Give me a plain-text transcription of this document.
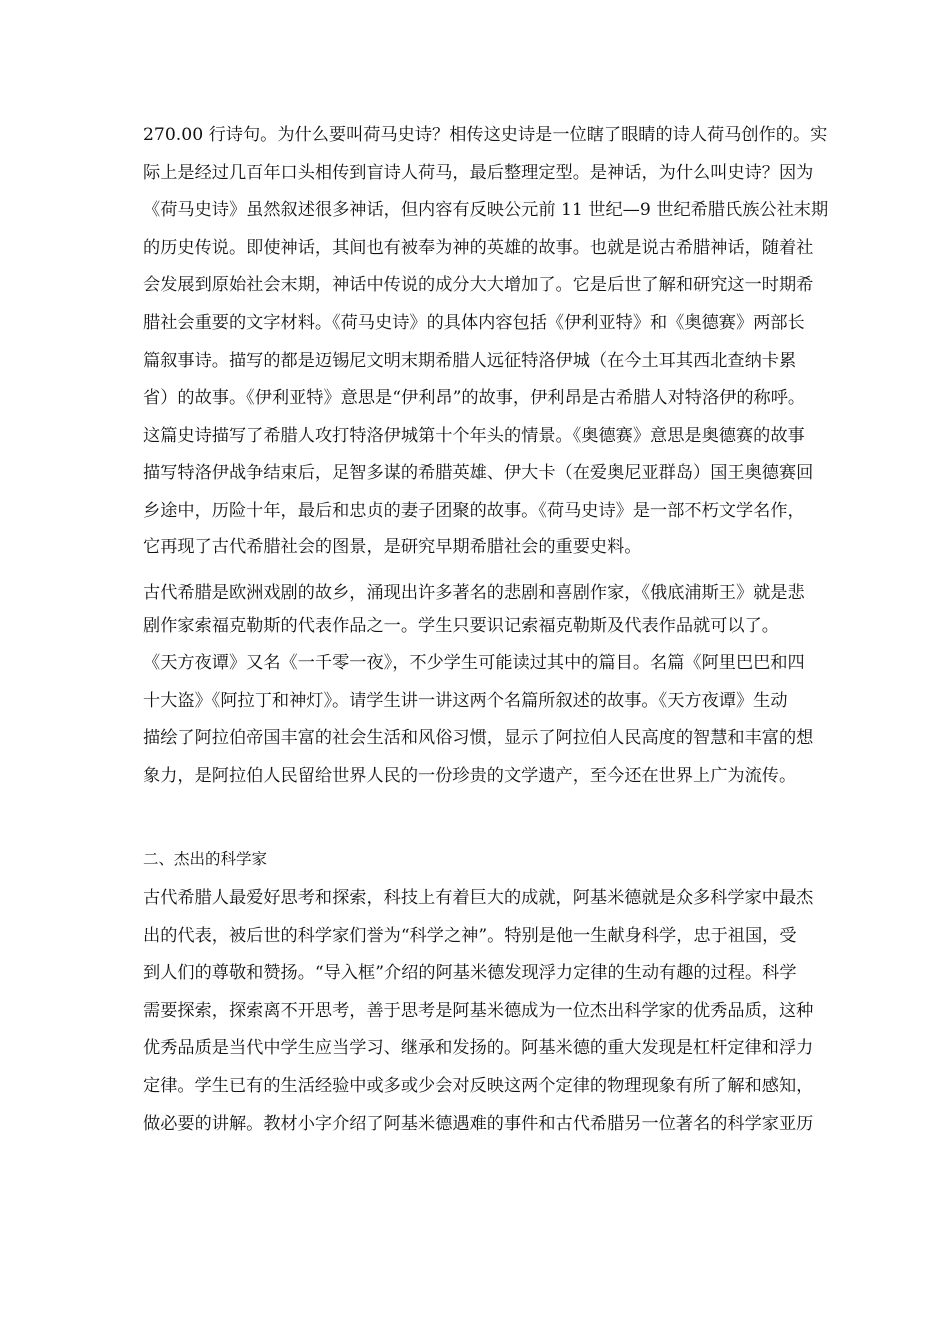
270.00 行诗句。为什么要叫荷马史诗？相传这史诗是一位瞎了眼睛的诗人荷马创作的。实
际上是经过几百年口头相传到盲诗人荷马，最后整理定型。是神话，为什么叫史诗？因为
《荷马史诗》虽然叙述很多神话，但内容有反映公元前 11 世纪—9 世纪希腊氏族公社末期
的历史传说。即使神话，其间也有被奉为神的英雄的故事。也就是说古希腊神话，随着社
会发展到原始社会末期，神话中传说的成分大大增加了。它是后世了解和研究这一时期希
腊社会重要的文字材料。《荷马史诗》的具体内容包括《伊利亚特》和《奥德赛》两部长
篇叙事诗。描写的都是迈锡尼文明末期希腊人远征特洛伊城（在今土耳其西北查纳卡累
省）的故事。《伊利亚特》意思是“伊利昂”的故事，伊利昂是古希腊人对特洛伊的称呼。
这篇史诗描写了希腊人攻打特洛伊城第十个年头的情景。《奥德赛》意思是奥德赛的故事
描写特洛伊战争结束后，足智多谋的希腊英雄、伊大卡（在爱奥尼亚群岛）国王奥德赛回
乡途中，历险十年，最后和忠贞的妻子团聚的故事。《荷马史诗》是一部不朽文学名作，
它再现了古代希腊社会的图景，是研究早期希腊社会的重要史料。
古代希腊是欧洲戏剧的故乡，涌现出许多著名的悲剧和喜剧作家，《俄底浦斯王》就是悲
剧作家索福克勒斯的代表作品之一。学生只要识记索福克勒斯及代表作品就可以了。
《天方夜谭》又名《一千零一夜》，不少学生可能读过其中的篇目。名篇《阿里巴巴和四
十大盗》《阿拉丁和神灯》。请学生讲一讲这两个名篇所叙述的故事。《天方夜谭》生动
描绘了阿拉伯帝国丰富的社会生活和风俗习惯，显示了阿拉伯人民高度的智慧和丰富的想
象力，是阿拉伯人民留给世界人民的一份珍贵的文学遗产，至今还在世界上广为流传。
二、杰出的科学家
古代希腊人最爱好思考和探索，科技上有着巨大的成就，阿基米德就是众多科学家中最杰
出的代表，被后世的科学家们誉为“科学之神”。特别是他一生献身科学，忠于祖国，受
到人们的尊敬和赞扬。“导入框”介绍的阿基米德发现浮力定律的生动有趣的过程。科学
需要探索，探索离不开思考，善于思考是阿基米德成为一位杰出科学家的优秀品质，这种
优秀品质是当代中学生应当学习、继承和发扬的。阿基米德的重大发现是杠杆定律和浮力
定律。学生已有的生活经验中或多或少会对反映这两个定律的物理现象有所了解和感知，
做必要的讲解。教材小字介绍了阿基米德遇难的事件和古代希腊另一位著名的科学家亚历
